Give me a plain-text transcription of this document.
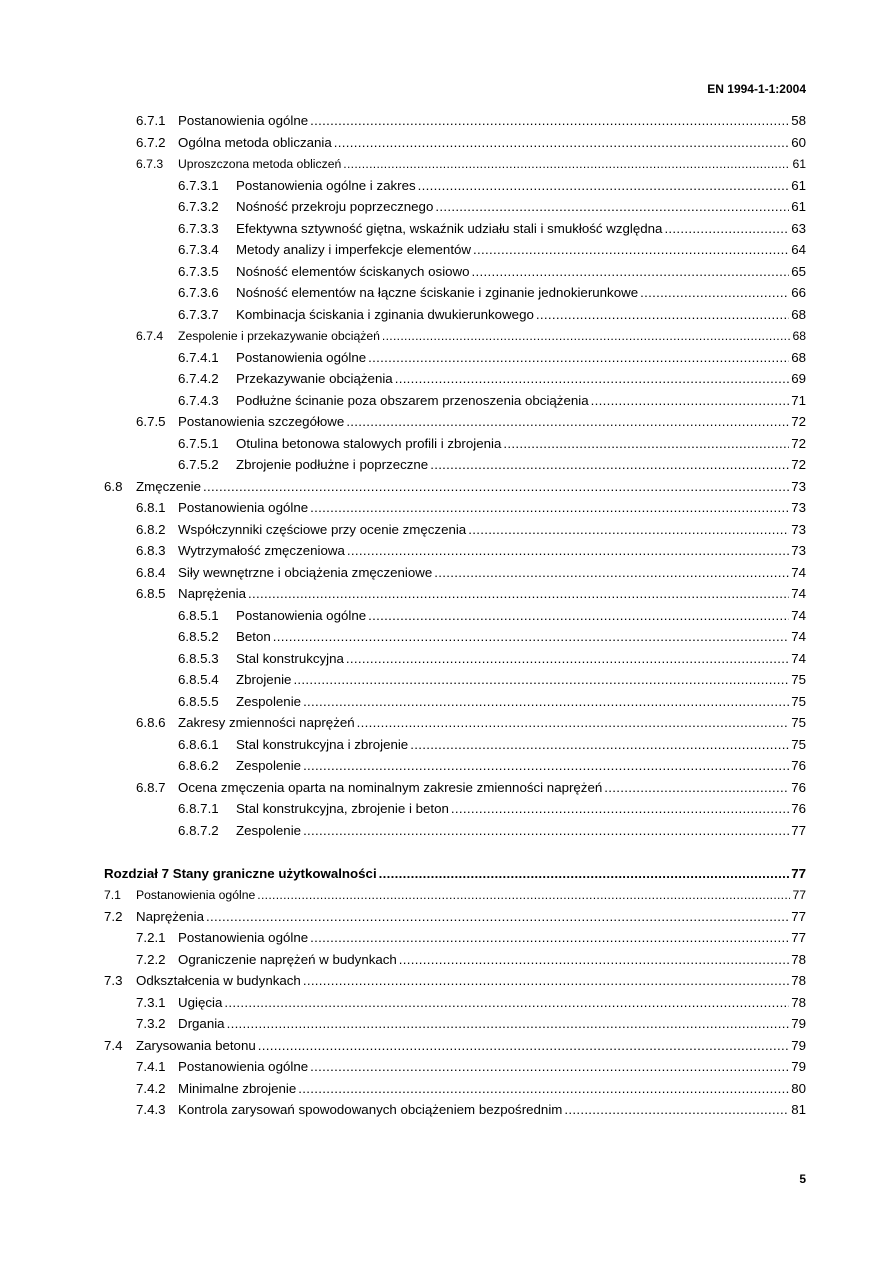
EN 1994-1-1:2004
6.7.1 Postanowienia ogólne .....	58
6.7.2 Ogólna metoda obliczania .....	60
6.7.3 Uproszczona metoda obliczeń .....	61
6.7.3.1 Postanowienia ogólne i zakres .....	61
6.7.3.2 Nośność przekroju poprzecznego .....	61
6.7.3.3 Efektywna sztywność giętna, wskaźnik udziału stali i smukłość względna .....	63
6.7.3.4 Metody analizy i imperfekcje elementów .....	64
6.7.3.5 Nośność elementów ściskanych osiowo .....	65
6.7.3.6 Nośność elementów na łączne ściskanie i zginanie jednokierunkowe .....	66
6.7.3.7 Kombinacja ściskania i zginania dwukierunkowego .....	68
6.7.4 Zespolenie i przekazywanie obciążeń .....	68
6.7.4.1 Postanowienia ogólne .....	68
6.7.4.2 Przekazywanie obciążenia .....	69
6.7.4.3 Podłużne ścinanie poza obszarem przenoszenia obciążenia .....	71
6.7.5 Postanowienia szczegółowe .....	72
6.7.5.1 Otulina betonowa stalowych profili i zbrojenia .....	72
6.7.5.2 Zbrojenie podłużne i poprzeczne .....	72
6.8 Zmęczenie .....	73
6.8.1 Postanowienia ogólne .....	73
6.8.2 Współczynniki częściowe przy ocenie zmęczenia .....	73
6.8.3 Wytrzymałość zmęczeniowa .....	73
6.8.4 Siły wewnętrzne i obciążenia zmęczeniowe .....	74
6.8.5 Naprężenia .....	74
6.8.5.1 Postanowienia ogólne .....	74
6.8.5.2 Beton .....	74
6.8.5.3 Stal konstrukcyjna .....	74
6.8.5.4 Zbrojenie .....	75
6.8.5.5 Zespolenie .....	75
6.8.6 Zakresy zmienności naprężeń .....	75
6.8.6.1 Stal konstrukcyjna i zbrojenie .....	75
6.8.6.2 Zespolenie .....	76
6.8.7 Ocena zmęczenia oparta na nominalnym zakresie zmienności naprężeń .....	76
6.8.7.1 Stal konstrukcyjna, zbrojenie i beton .....	76
6.8.7.2 Zespolenie .....	77
Rozdział 7 Stany graniczne użytkowalności .....	77
7.1 Postanowienia ogólne .....	77
7.2 Naprężenia .....	77
7.2.1 Postanowienia ogólne .....	77
7.2.2 Ograniczenie naprężeń w budynkach .....	78
7.3 Odkształcenia w budynkach .....	78
7.3.1 Ugięcia .....	78
7.3.2 Drgania .....	79
7.4 Zarysowania betonu .....	79
7.4.1 Postanowienia ogólne .....	79
7.4.2 Minimalne zbrojenie .....	80
7.4.3 Kontrola zarysowań spowodowanych obciążeniem bezpośrednim .....	81
5
